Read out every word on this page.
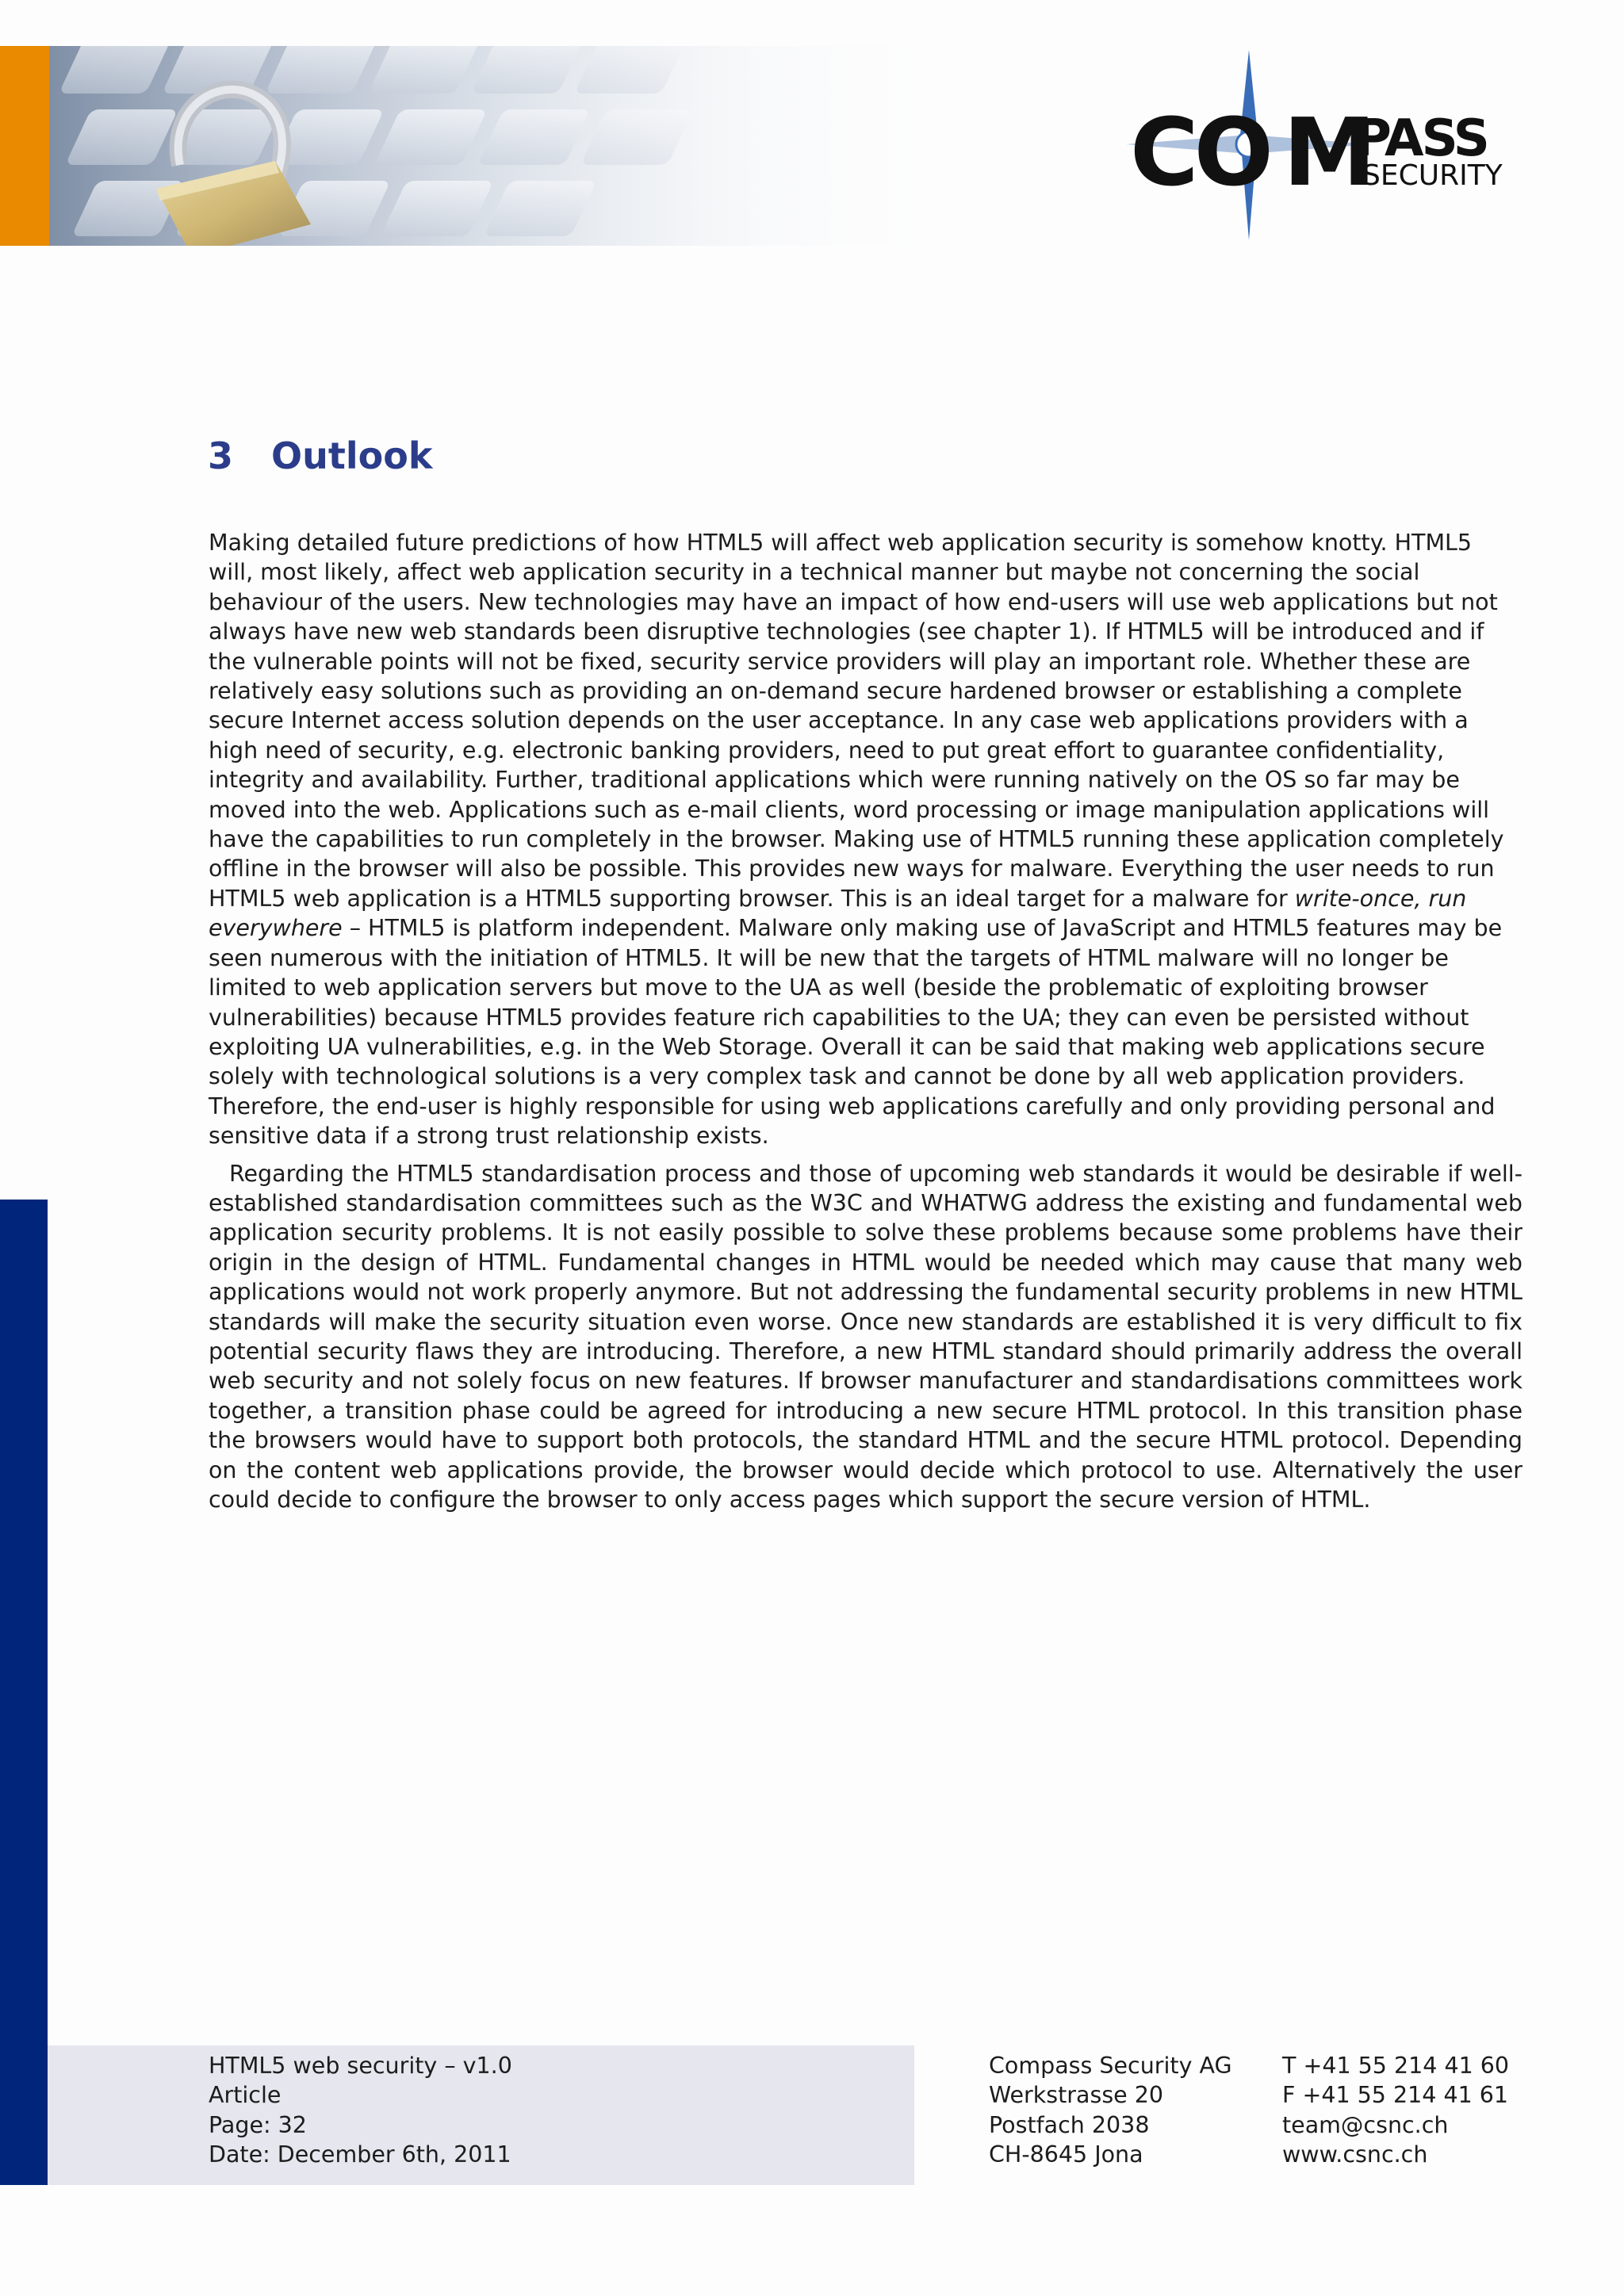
CO M
PASS
SECURITY
3 Outlook

Making detailed future predictions of how HTML5 will affect web application security is somehow knotty. HTML5 will, most likely, affect web application security in a technical manner but maybe not concerning the social behaviour of the users. New technologies may have an impact of how end-users will use web applications but not always have new web standards been disruptive technologies (see chapter 1). If HTML5 will be introduced and if the vulnerable points will not be fixed, security service providers will play an important role. Whether these are relatively easy solutions such as providing an on-demand secure hardened browser or establishing a complete secure Internet access solution depends on the user acceptance. In any case web applications providers with a high need of security, e.g. electronic banking providers, need to put great effort to guarantee confidentiality, integrity and availability. Further, traditional applications which were running natively on the OS so far may be moved into the web. Applications such as e-mail clients, word processing or image manipulation applications will have the capabilities to run completely in the browser. Making use of HTML5 running these application completely offline in the browser will also be possible. This provides new ways for malware. Everything the user needs to run HTML5 web application is a HTML5 supporting browser. This is an ideal target for a malware for write-once, run everywhere – HTML5 is platform independent. Malware only making use of JavaScript and HTML5 features may be seen numerous with the initiation of HTML5. It will be new that the targets of HTML malware will no longer be limited to web application servers but move to the UA as well (beside the problematic of exploiting browser vulnerabilities) because HTML5 provides feature rich capabilities to the UA; they can even be persisted without exploiting UA vulnerabilities, e.g. in the Web Storage. Overall it can be said that making web applications secure solely with technological solutions is a very complex task and cannot be done by all web application providers. Therefore, the end-user is highly responsible for using web applications carefully and only providing personal and sensitive data if a strong trust relationship exists.

Regarding the HTML5 standardisation process and those of upcoming web standards it would be desirable if well-established standardisation committees such as the W3C and WHATWG address the existing and fundamental web application security problems. It is not easily possible to solve these problems because some problems have their origin in the design of HTML. Fundamental changes in HTML would be needed which may cause that many web applications would not work properly anymore. But not addressing the fundamental security problems in new HTML standards will make the security situation even worse. Once new standards are established it is very difficult to fix potential security flaws they are introducing. Therefore, a new HTML standard should primarily address the overall web security and not solely focus on new features. If browser manufacturer and standardisations committees work together, a transition phase could be agreed for introducing a new secure HTML protocol. In this transition phase the browsers would have to support both protocols, the standard HTML and the secure HTML protocol. Depending on the content web applications provide, the browser would decide which protocol to use. Alternatively the user could decide to configure the browser to only access pages which support the secure version of HTML.

HTML5 web security – v1.0
Article
Page: 32
Date: December 6th, 2011
Compass Security AG
Werkstrasse 20
Postfach 2038
CH-8645 Jona
T +41 55 214 41 60
F +41 55 214 41 61
team@csnc.ch
www.csnc.ch
